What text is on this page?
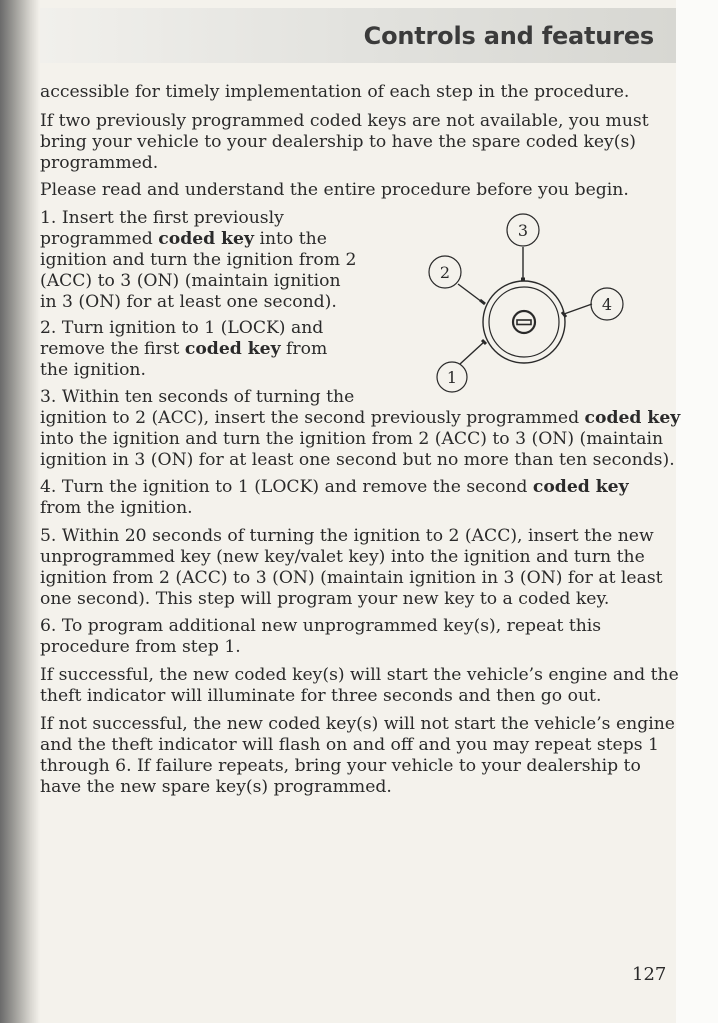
Controls and features
accessible for timely implementation of each step in the procedure.
If two previously programmed coded keys are not available, you must
bring your vehicle to your dealership to have the spare coded key(s)
programmed.
Please read and understand the entire procedure before you begin.
1. Insert the first previously
programmed coded key into the
ignition and turn the ignition from 2
(ACC) to 3 (ON) (maintain ignition
in 3 (ON) for at least one second).
2. Turn ignition to 1 (LOCK) and
remove the first coded key from
the ignition.
3. Within ten seconds of turning the
ignition to 2 (ACC), insert the second previously programmed coded key
into the ignition and turn the ignition from 2 (ACC) to 3 (ON) (maintain
ignition in 3 (ON) for at least one second but no more than ten seconds).
4. Turn the ignition to 1 (LOCK) and remove the second coded key
from the ignition.
5. Within 20 seconds of turning the ignition to 2 (ACC), insert the new
unprogrammed key (new key/valet key) into the ignition and turn the
ignition from 2 (ACC) to 3 (ON) (maintain ignition in 3 (ON) for at least
one second). This step will program your new key to a coded key.
6. To program additional new unprogrammed key(s), repeat this
procedure from step 1.
If successful, the new coded key(s) will start the vehicle’s engine and the
theft indicator will illuminate for three seconds and then go out.
If not successful, the new coded key(s) will not start the vehicle’s engine
and the theft indicator will flash on and off and you may repeat steps 1
through 6. If failure repeats, bring your vehicle to your dealership to
have the new spare key(s) programmed.
3
2
4
1
127
